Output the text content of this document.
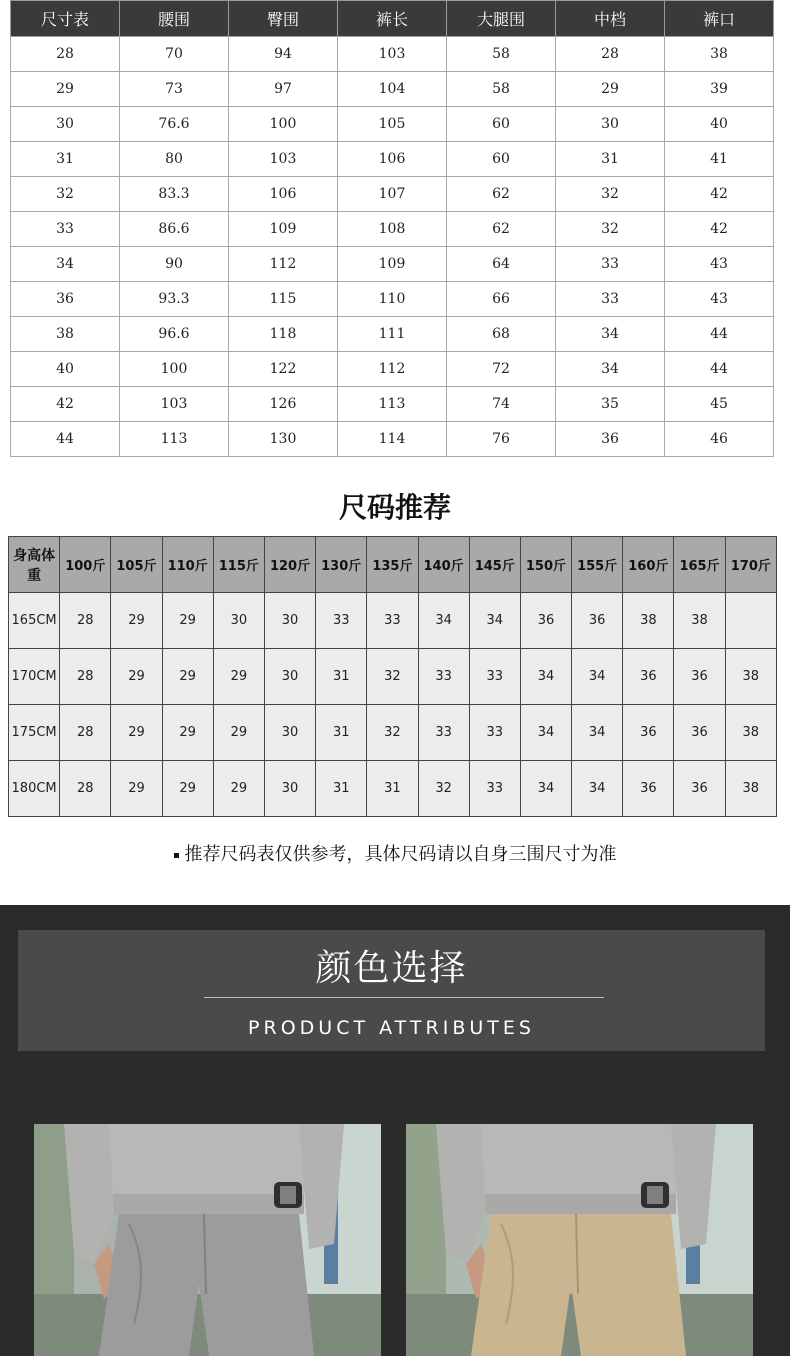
尺寸表	腰围	臀围	裤长	大腿围	中档	裤口
28	70	94	103	58	28	38
29	73	97	104	58	29	39
30	76.6	100	105	60	30	40
31	80	103	106	60	31	41
32	83.3	106	107	62	32	42
33	86.6	109	108	62	32	42
34	90	112	109	64	33	43
36	93.3	115	110	66	33	43
38	96.6	118	111	68	34	44
40	100	122	112	72	34	44
42	103	126	113	74	35	45
44	113	130	114	76	36	46
尺码推荐
身高体重	100斤	105斤	110斤	115斤	120斤	130斤	135斤	140斤	145斤	150斤	155斤	160斤	165斤	170斤
165CM	28	29	29	30	30	33	33	34	34	36	36	38	38	
170CM	28	29	29	29	30	31	32	33	33	34	34	36	36	38
175CM	28	29	29	29	30	31	32	33	33	34	34	36	36	38
180CM	28	29	29	29	30	31	31	32	33	34	34	36	36	38
推荐尺码表仅供参考，具体尺码请以自身三围尺寸为准
颜色选择
PRODUCT ATTRIBUTES
